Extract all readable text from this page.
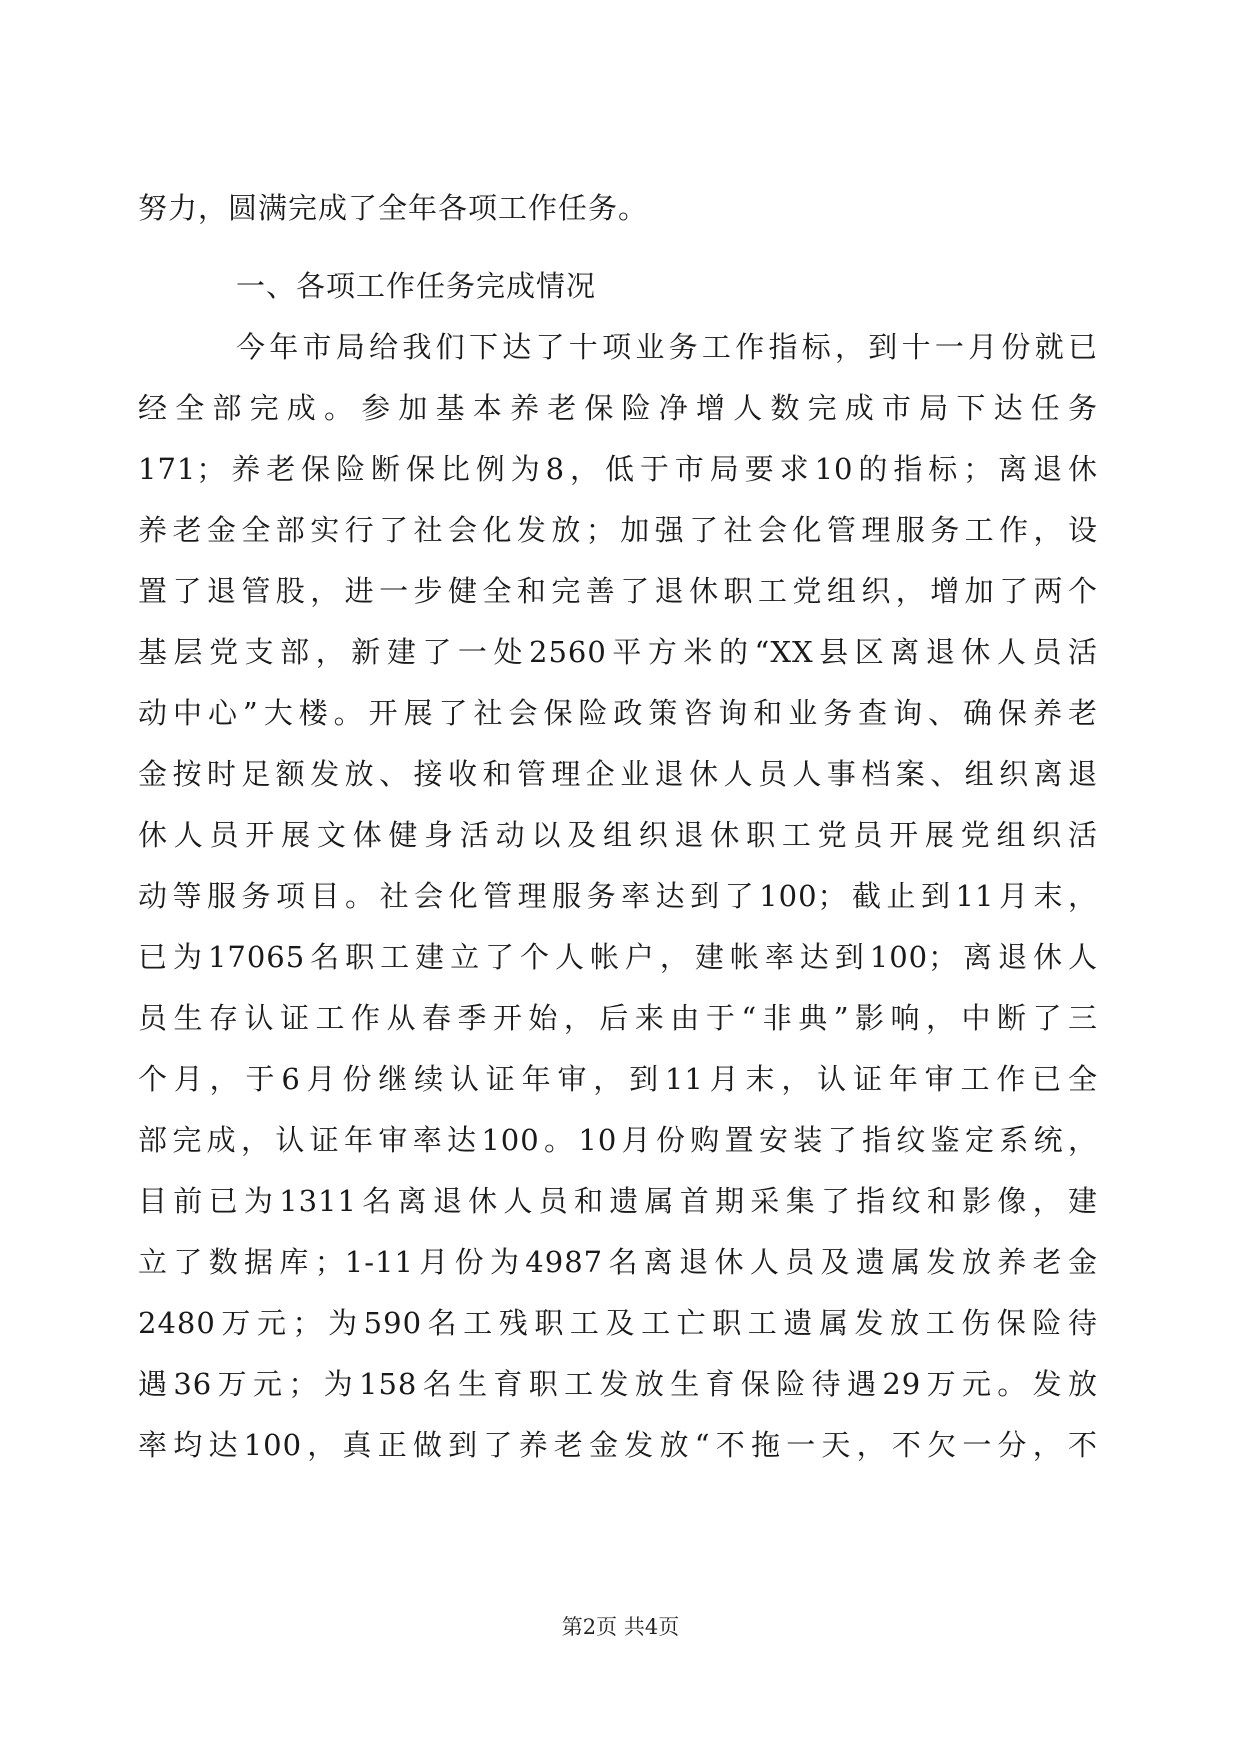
努力，圆满完成了全年各项工作任务。
一、各项工作任务完成情况
今年市局给我们下达了十项业务工作指标，到十一月份就已
经全部完成。参加基本养老保险净增人数完成市局下达任务
171；养老保险断保比例为8，低于市局要求10的指标；离退休
养老金全部实行了社会化发放；加强了社会化管理服务工作，设
置了退管股，进一步健全和完善了退休职工党组织，增加了两个
基层党支部，新建了一处2560平方米的“XX县区离退休人员活
动中心”大楼。开展了社会保险政策咨询和业务查询、确保养老
金按时足额发放、接收和管理企业退休人员人事档案、组织离退
休人员开展文体健身活动以及组织退休职工党员开展党组织活
动等服务项目。社会化管理服务率达到了100；截止到11月末，
已为17065名职工建立了个人帐户，建帐率达到100；离退休人
员生存认证工作从春季开始，后来由于“非典”影响，中断了三
个月，于6月份继续认证年审，到11月末，认证年审工作已全
部完成，认证年审率达100。10月份购置安装了指纹鉴定系统，
目前已为1311名离退休人员和遗属首期采集了指纹和影像，建
立了数据库；1-11月份为4987名离退休人员及遗属发放养老金
2480万元；为590名工残职工及工亡职工遗属发放工伤保险待
遇36万元；为158名生育职工发放生育保险待遇29万元。发放
率均达100，真正做到了养老金发放“不拖一天，不欠一分，不
第2页 共4页
